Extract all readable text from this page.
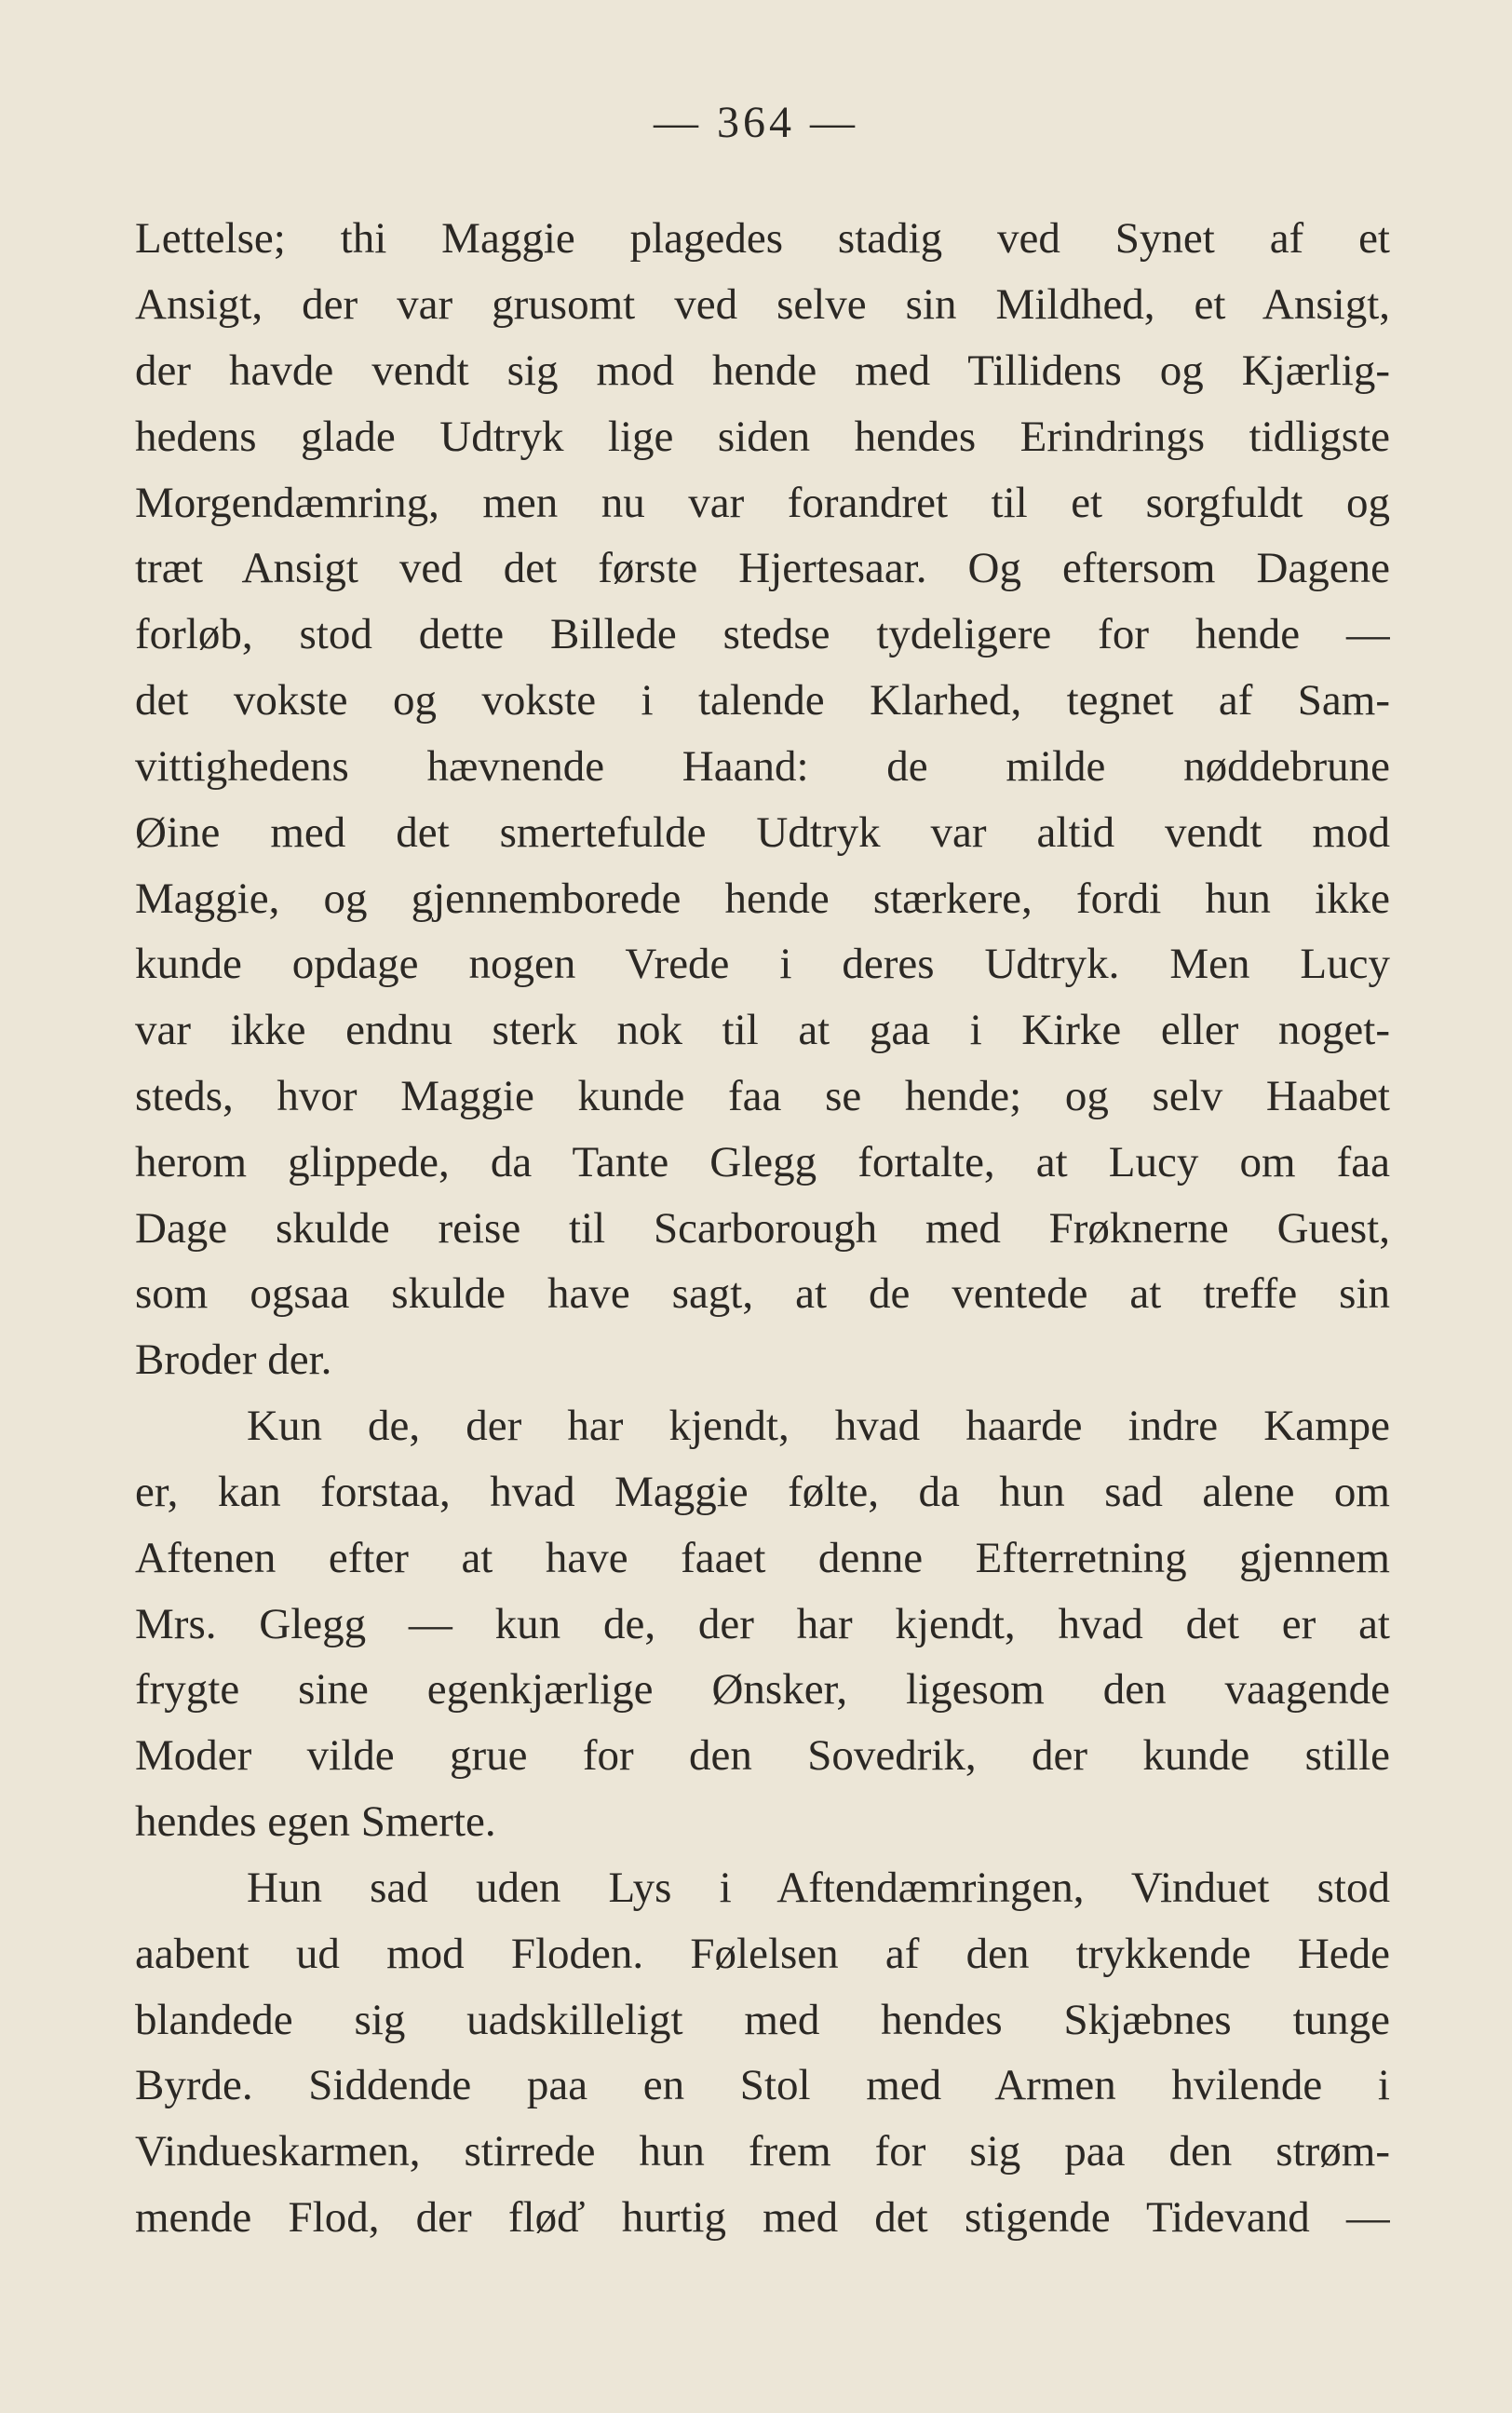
— 364 —
Lettelse; thi Maggie plagedes stadig ved Synet af et
Ansigt, der var grusomt ved selve sin Mildhed, et Ansigt,
der havde vendt sig mod hende med Tillidens og Kjærlig-
hedens glade Udtryk lige siden hendes Erindrings tidligste
Morgendæmring, men nu var forandret til et sorgfuldt og
træt Ansigt ved det første Hjertesaar. Og eftersom Dagene
forløb, stod dette Billede stedse tydeligere for hende —
det vokste og vokste i talende Klarhed, tegnet af Sam-
vittighedens hævnende Haand: de milde nøddebrune
Øine med det smertefulde Udtryk var altid vendt mod
Maggie, og gjennemborede hende stærkere, fordi hun ikke
kunde opdage nogen Vrede i deres Udtryk. Men Lucy
var ikke endnu sterk nok til at gaa i Kirke eller noget-
steds, hvor Maggie kunde faa se hende; og selv Haabet
herom glippede, da Tante Glegg fortalte, at Lucy om faa
Dage skulde reise til Scarborough med Frøknerne Guest,
som ogsaa skulde have sagt, at de ventede at treffe sin
Broder der.
Kun de, der har kjendt, hvad haarde indre Kampe
er, kan forstaa, hvad Maggie følte, da hun sad alene om
Aftenen efter at have faaet denne Efterretning gjennem
Mrs. Glegg — kun de, der har kjendt, hvad det er at
frygte sine egenkjærlige Ønsker, ligesom den vaagende
Moder vilde grue for den Sovedrik, der kunde stille
hendes egen Smerte.
Hun sad uden Lys i Aftendæmringen, Vinduet stod
aabent ud mod Floden. Følelsen af den trykkende Hede
blandede sig uadskilleligt med hendes Skjæbnes tunge
Byrde. Siddende paa en Stol med Armen hvilende i
Vindueskarmen, stirrede hun frem for sig paa den strøm-
mende Flod, der fløď hurtig med det stigende Tidevand —
